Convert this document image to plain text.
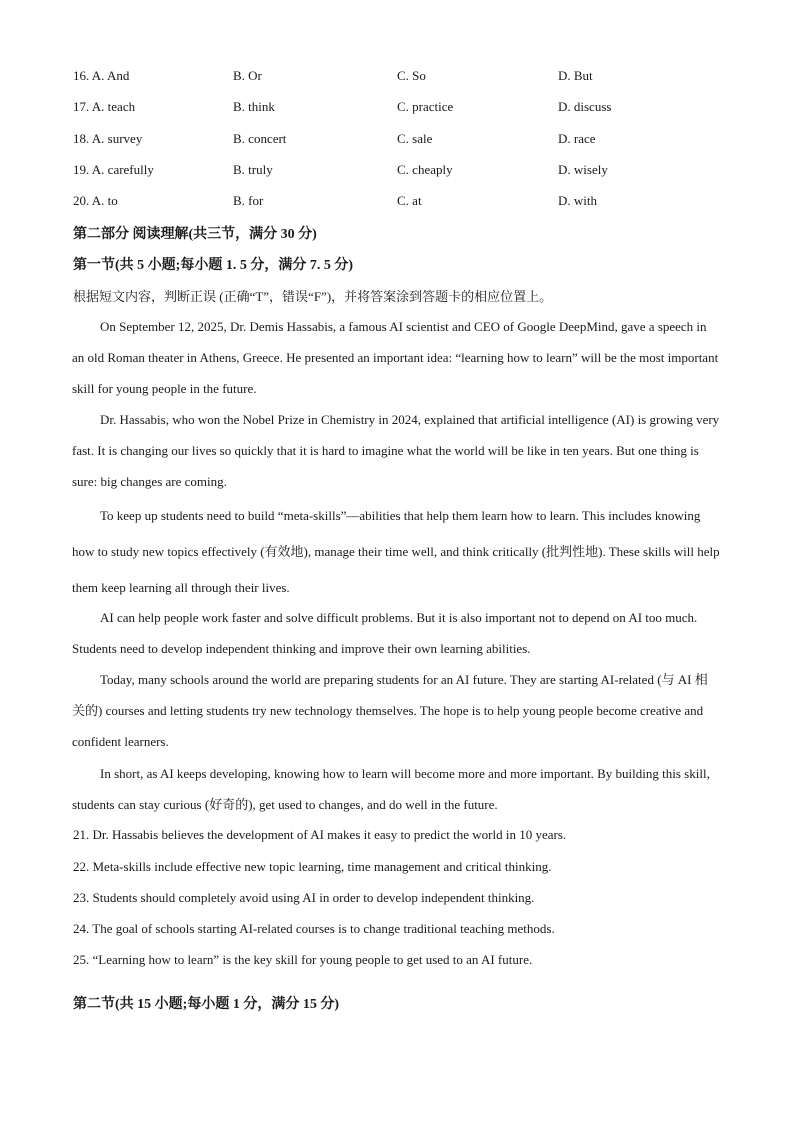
16. A. And	B. Or	C. So	D. But
17. A. teach	B. think	C. practice	D. discuss
18. A. survey	B. concert	C. sale	D. race
19. A. carefully	B. truly	C. cheaply	D. wisely
20. A. to	B. for	C. at	D. with
第二部分 阅读理解(共三节，满分 30 分)
第一节(共 5 小题;每小题 1. 5 分，满分 7. 5 分)
根据短文内容，判断正误 (正确“T”，错误“F”)，并将答案涂到答题卡的相应位置上。

On September 12, 2025, Dr. Demis Hassabis, a famous AI scientist and CEO of Google DeepMind, gave a speech in an old Roman theater in Athens, Greece. He presented an important idea: “learning how to learn” will be the most important skill for young people in the future.

Dr. Hassabis, who won the Nobel Prize in Chemistry in 2024, explained that artificial intelligence (AI) is growing very fast. It is changing our lives so quickly that it is hard to imagine what the world will be like in ten years. But one thing is sure: big changes are coming.

To keep up students need to build “meta-skills”—abilities that help them learn how to learn. This includes knowing how to study new topics effectively (有效地), manage their time well, and think critically (批判性地). These skills will help them keep learning all through their lives.

AI can help people work faster and solve difficult problems. But it is also important not to depend on AI too much. Students need to develop independent thinking and improve their own learning abilities.

Today, many schools around the world are preparing students for an AI future. They are starting AI-related (与 AI 相关的) courses and letting students try new technology themselves. The hope is to help young people become creative and confident learners.

In short, as AI keeps developing, knowing how to learn will become more and more important. By building this skill, students can stay curious (好奇的), get used to changes, and do well in the future.

21. Dr. Hassabis believes the development of AI makes it easy to predict the world in 10 years.
22. Meta-skills include effective new topic learning, time management and critical thinking.
23. Students should completely avoid using AI in order to develop independent thinking.
24. The goal of schools starting AI-related courses is to change traditional teaching methods.
25. “Learning how to learn” is the key skill for young people to get used to an AI future.
第二节(共 15 小题;每小题 1 分，满分 15 分)
